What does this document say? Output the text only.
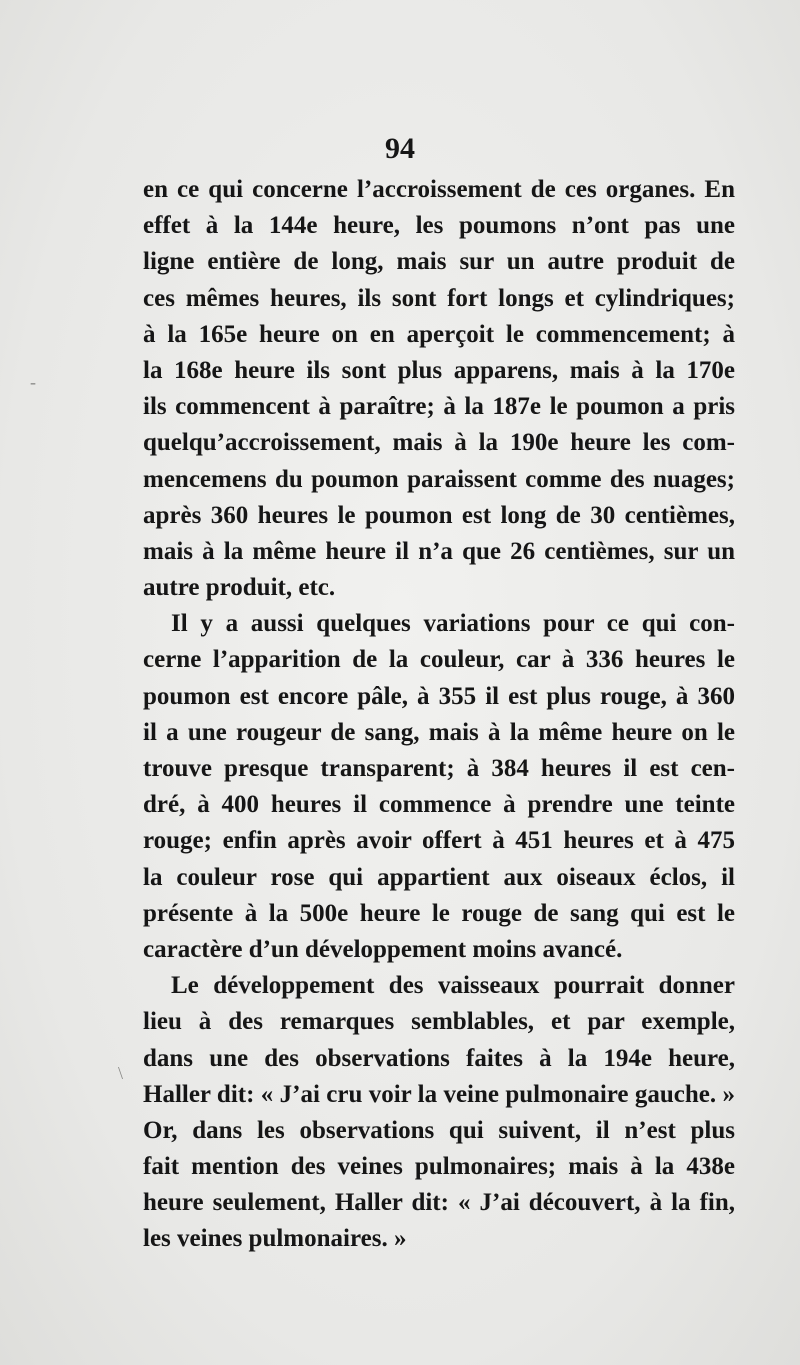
-
\
94
en ce qui concerne l’accroissement de ces organes. En
effet à la 144e heure, les poumons n’ont pas une
ligne entière de long, mais sur un autre produit de
ces mêmes heures, ils sont fort longs et cylindriques;
à la 165e heure on en aperçoit le commencement; à
la 168e heure ils sont plus apparens, mais à la 170e
ils commencent à paraître; à la 187e le poumon a pris
quelqu’accroissement, mais à la 190e heure les com-
mencemens du poumon paraissent comme des nuages;
après 360 heures le poumon est long de 30 centièmes,
mais à la même heure il n’a que 26 centièmes, sur un
autre produit, etc.
Il y a aussi quelques variations pour ce qui con-
cerne l’apparition de la couleur, car à 336 heures le
poumon est encore pâle, à 355 il est plus rouge, à 360
il a une rougeur de sang, mais à la même heure on le
trouve presque transparent; à 384 heures il est cen-
dré, à 400 heures il commence à prendre une teinte
rouge; enfin après avoir offert à 451 heures et à 475
la couleur rose qui appartient aux oiseaux éclos, il
présente à la 500e heure le rouge de sang qui est le
caractère d’un développement moins avancé.
Le développement des vaisseaux pourrait donner
lieu à des remarques semblables, et par exemple,
dans une des observations faites à la 194e heure,
Haller dit: « J’ai cru voir la veine pulmonaire gauche. »
Or, dans les observations qui suivent, il n’est plus
fait mention des veines pulmonaires; mais à la 438e
heure seulement, Haller dit: « J’ai découvert, à la fin,
les veines pulmonaires. »
